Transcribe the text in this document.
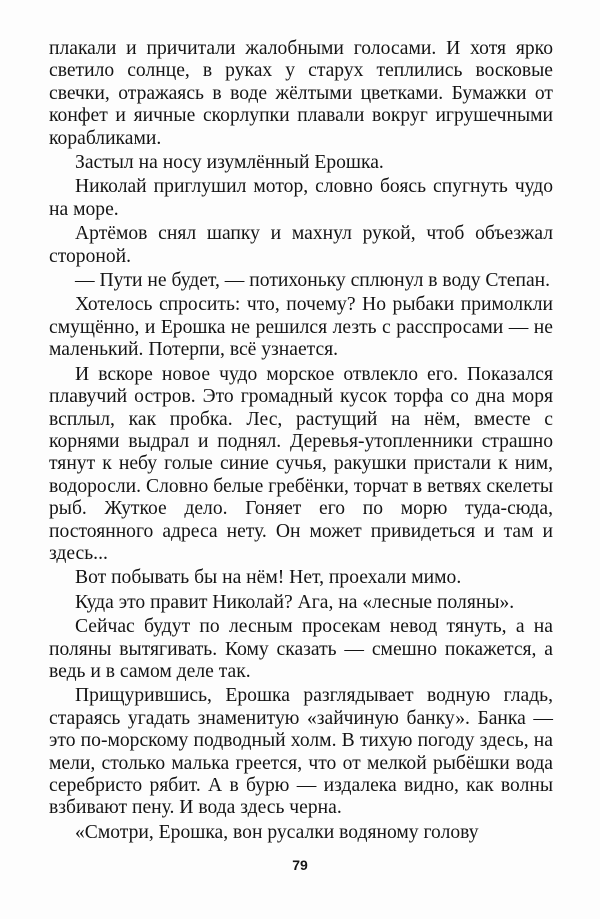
плакали и причитали жалобными голосами. И хотя ярко светило солнце, в руках у старух теплились восковые свечки, отражаясь в воде жёлтыми цветками. Бумажки от конфет и яичные скорлупки плавали вокруг игрушечными корабликами.

Застыл на носу изумлённый Ерошка.

Николай приглушил мотор, словно боясь спугнуть чудо на море.

Артёмов снял шапку и махнул рукой, чтоб объезжал стороной.

— Пути не будет, — потихоньку сплюнул в воду Степан.

Хотелось спросить: что, почему? Но рыбаки примолкли смущённо, и Ерошка не решился лезть с расспросами — не маленький. Потерпи, всё узнается.

И вскоре новое чудо морское отвлекло его. Показался плавучий остров. Это громадный кусок торфа со дна моря всплыл, как пробка. Лес, растущий на нём, вместе с корнями выдрал и поднял. Деревья-утопленники страшно тянут к небу голые синие сучья, ракушки пристали к ним, водоросли. Словно белые гребёнки, торчат в ветвях скелеты рыб. Жуткое дело. Гоняет его по морю туда-сюда, постоянного адреса нету. Он может привидеться и там и здесь...

Вот побывать бы на нём! Нет, проехали мимо.

Куда это правит Николай? Ага, на «лесные поляны».

Сейчас будут по лесным просекам невод тянуть, а на поляны вытягивать. Кому сказать — смешно покажется, а ведь и в самом деле так.

Прищурившись, Ерошка разглядывает водную гладь, стараясь угадать знаменитую «зайчиную банку». Банка — это по-морскому подводный холм. В тихую погоду здесь, на мели, столько малька греется, что от мелкой рыбёшки вода серебристо рябит. А в бурю — издалека видно, как волны взбивают пену. И вода здесь черна.

«Смотри, Ерошка, вон русалки водяному голову

79
